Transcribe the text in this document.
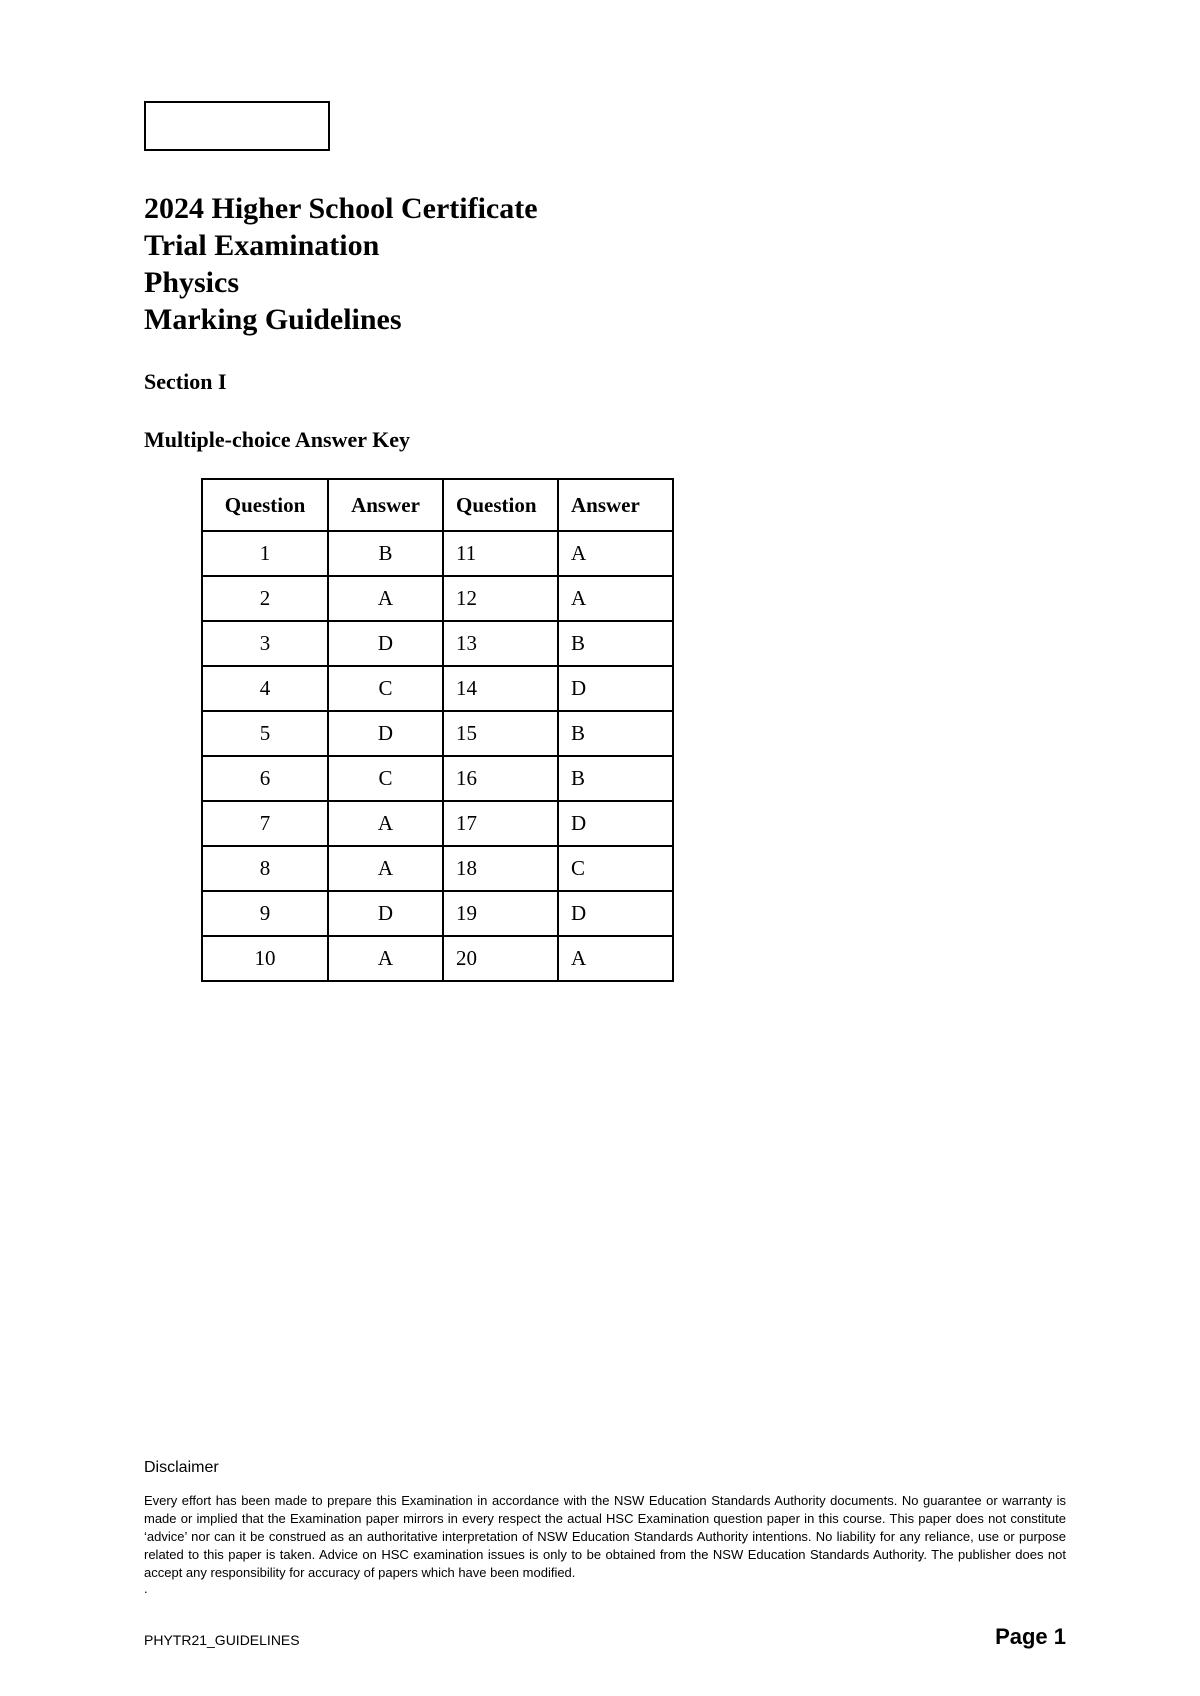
2024 Higher School Certificate

Trial Examination

Physics

Marking Guidelines

Section I

Multiple-choice Answer Key

Question	Answer	Question	Answer
1	B	11	A
2	A	12	A
3	D	13	B
4	C	14	D
5	D	15	B
6	C	16	B
7	A	17	D
8	A	18	C
9	D	19	D
10	A	20	A

Disclaimer

Every effort has been made to prepare this Examination in accordance with the NSW Education Standards Authority documents. No guarantee or warranty is made or implied that the Examination paper mirrors in every respect the actual HSC Examination question paper in this course. This paper does not constitute ‘advice’ nor can it be construed as an authoritative interpretation of NSW Education Standards Authority intentions. No liability for any reliance, use or purpose related to this paper is taken. Advice on HSC examination issues is only to be obtained from the NSW Education Standards Authority. The publisher does not accept any responsibility for accuracy of papers which have been modified.

.

PHYTR21_GUIDELINES	Page 1
